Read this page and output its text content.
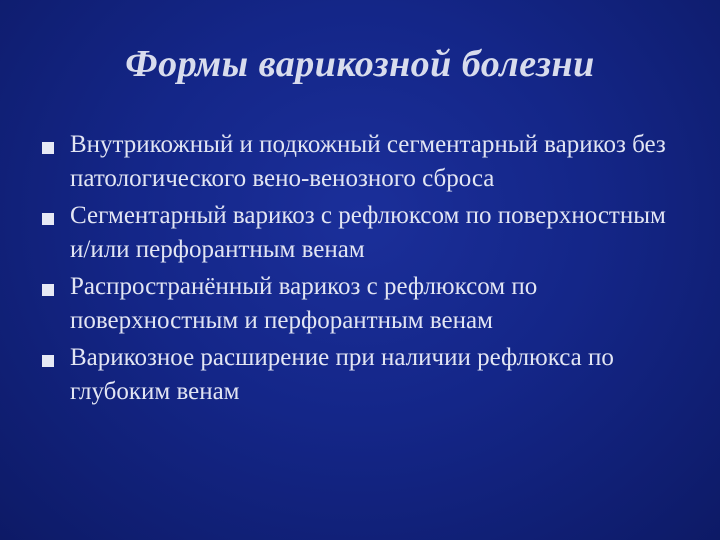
Формы варикозной болезни
Внутрикожный и подкожный сегментарный варикоз без патологического вено-венозного сброса
Сегментарный варикоз с рефлюксом по поверхностным и/или перфорантным венам
Распространённый варикоз с рефлюксом по поверхностным и перфорантным венам
Варикозное расширение при наличии рефлюкса по глубоким венам
